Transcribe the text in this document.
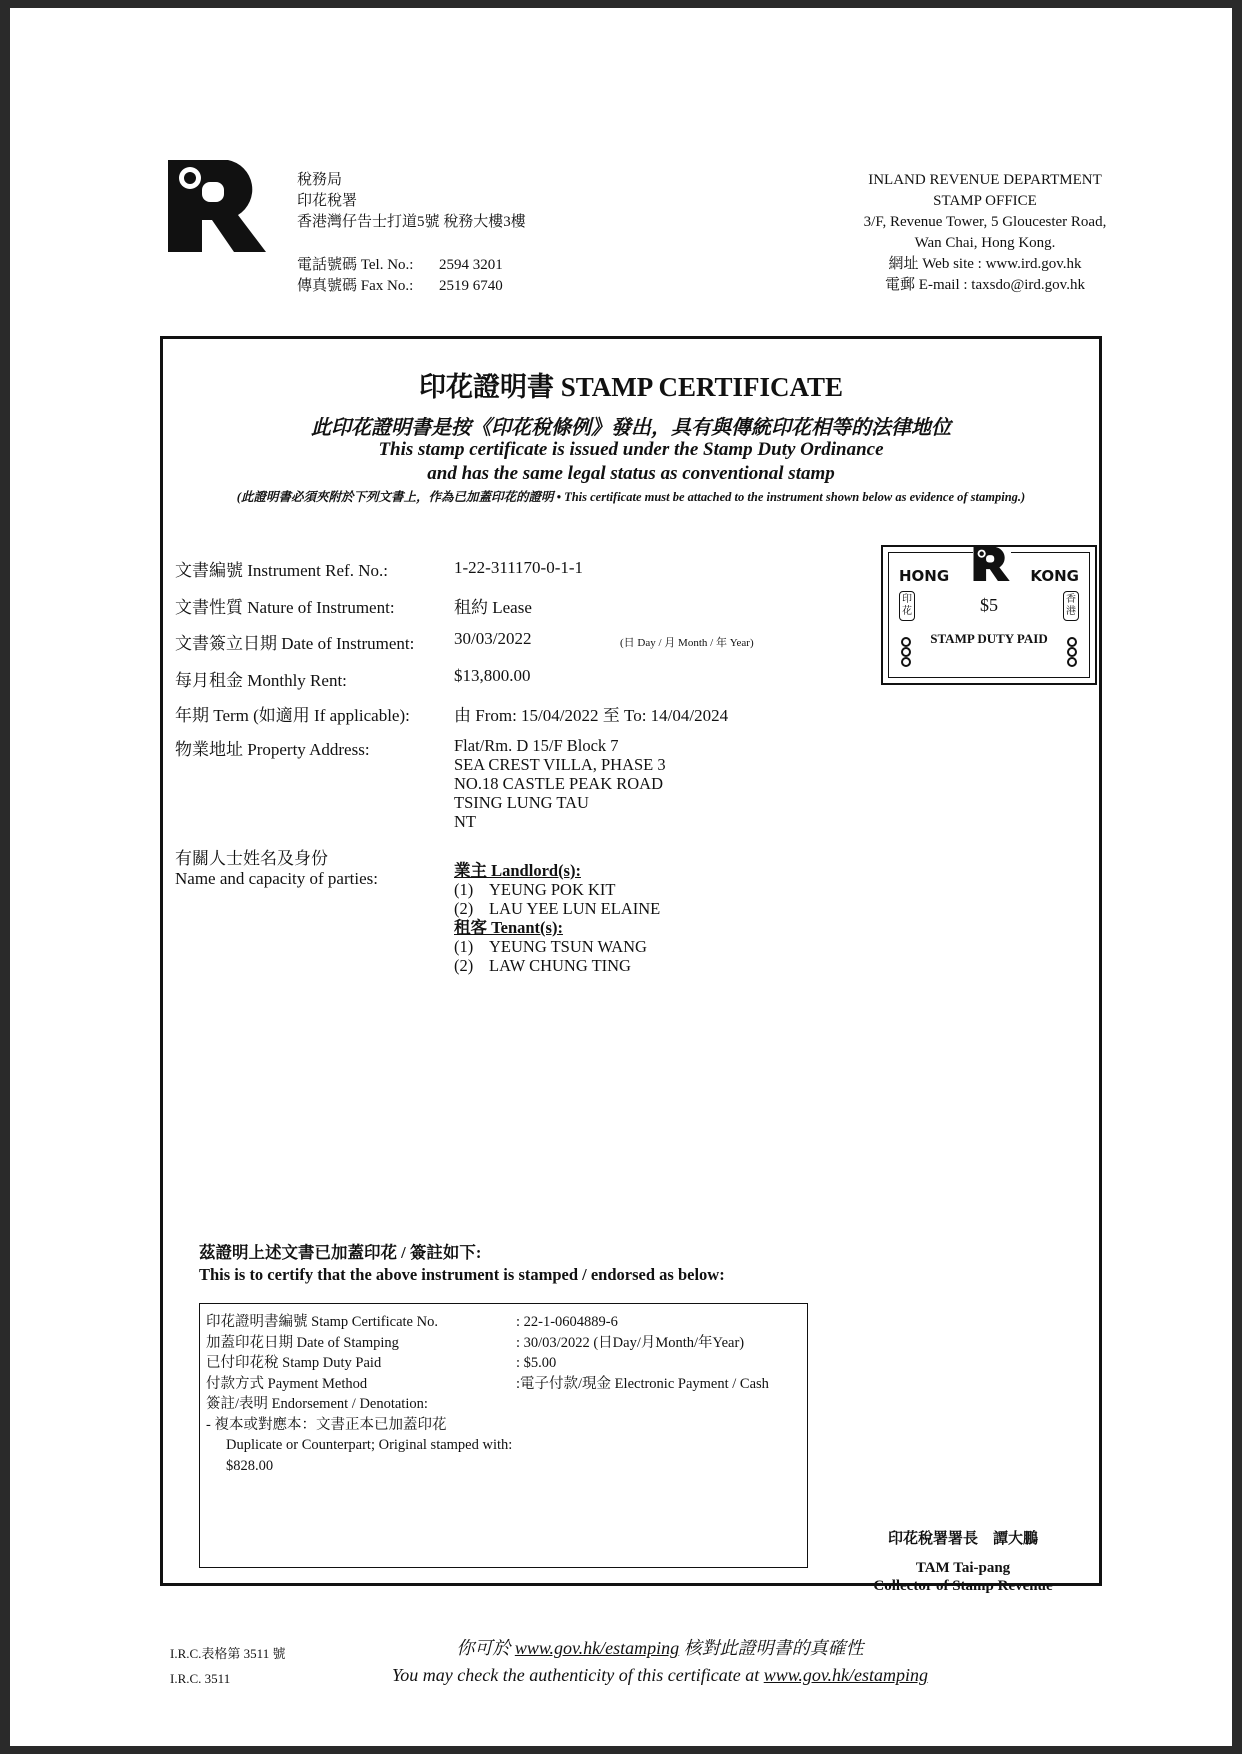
稅務局
印花稅署
香港灣仔告士打道5號 稅務大樓3樓
電話號碼 Tel. No.: 2594 3201
傳真號碼 Fax No.: 2519 6740
INLAND REVENUE DEPARTMENT
STAMP OFFICE
3/F, Revenue Tower, 5 Gloucester Road,
Wan Chai, Hong Kong.
網址 Web site : www.ird.gov.hk
電郵 E-mail : taxsdo@ird.gov.hk
印花證明書 STAMP CERTIFICATE
此印花證明書是按《印花稅條例》發出，具有與傳統印花相等的法律地位
This stamp certificate is issued under the Stamp Duty Ordinance
and has the same legal status as conventional stamp
(此證明書必須夾附於下列文書上，作為已加蓋印花的證明 • This certificate must be attached to the instrument shown below as evidence of stamping.)
文書編號 Instrument Ref. No.:	1-22-311170-0-1-1
文書性質 Nature of Instrument:	租約 Lease
文書簽立日期 Date of Instrument: 30/03/2022	(日 Day / 月 Month / 年 Year)
每月租金 Monthly Rent:	$13,800.00
年期 Term (如適用 If applicable):	由 From: 15/04/2022 至 To: 14/04/2024
物業地址 Property Address:	Flat/Rm. D 15/F Block 7
SEA CREST VILLA, PHASE 3
NO.18 CASTLE PEAK ROAD
TSING LUNG TAU
NT
有關人士姓名及身份
Name and capacity of parties:	業主 Landlord(s):
(1) YEUNG POK KIT
(2) LAU YEE LUN ELAINE
租客 Tenant(s):
(1) YEUNG TSUN WANG
(2) LAW CHUNG TING
HONG	KONG
印花
香港
$5
STAMP DUTY PAID
茲證明上述文書已加蓋印花 / 簽註如下:
This is to certify that the above instrument is stamped / endorsed as below:
印花證明書編號 Stamp Certificate No.	: 22-1-0604889-6
加蓋印花日期 Date of Stamping	: 30/03/2022 (日Day/月Month/年Year)
已付印花稅 Stamp Duty Paid	: $5.00
付款方式 Payment Method	:電子付款/現金 Electronic Payment / Cash
簽註/表明 Endorsement / Denotation:
- 複本或對應本：文書正本已加蓋印花
Duplicate or Counterpart; Original stamped with:
$828.00
印花稅署署長　譚大鵬
TAM Tai-pang
Collector of Stamp Revenue
I.R.C.表格第 3511 號
I.R.C. 3511
你可於 www.gov.hk/estamping 核對此證明書的真確性
You may check the authenticity of this certificate at www.gov.hk/estamping
